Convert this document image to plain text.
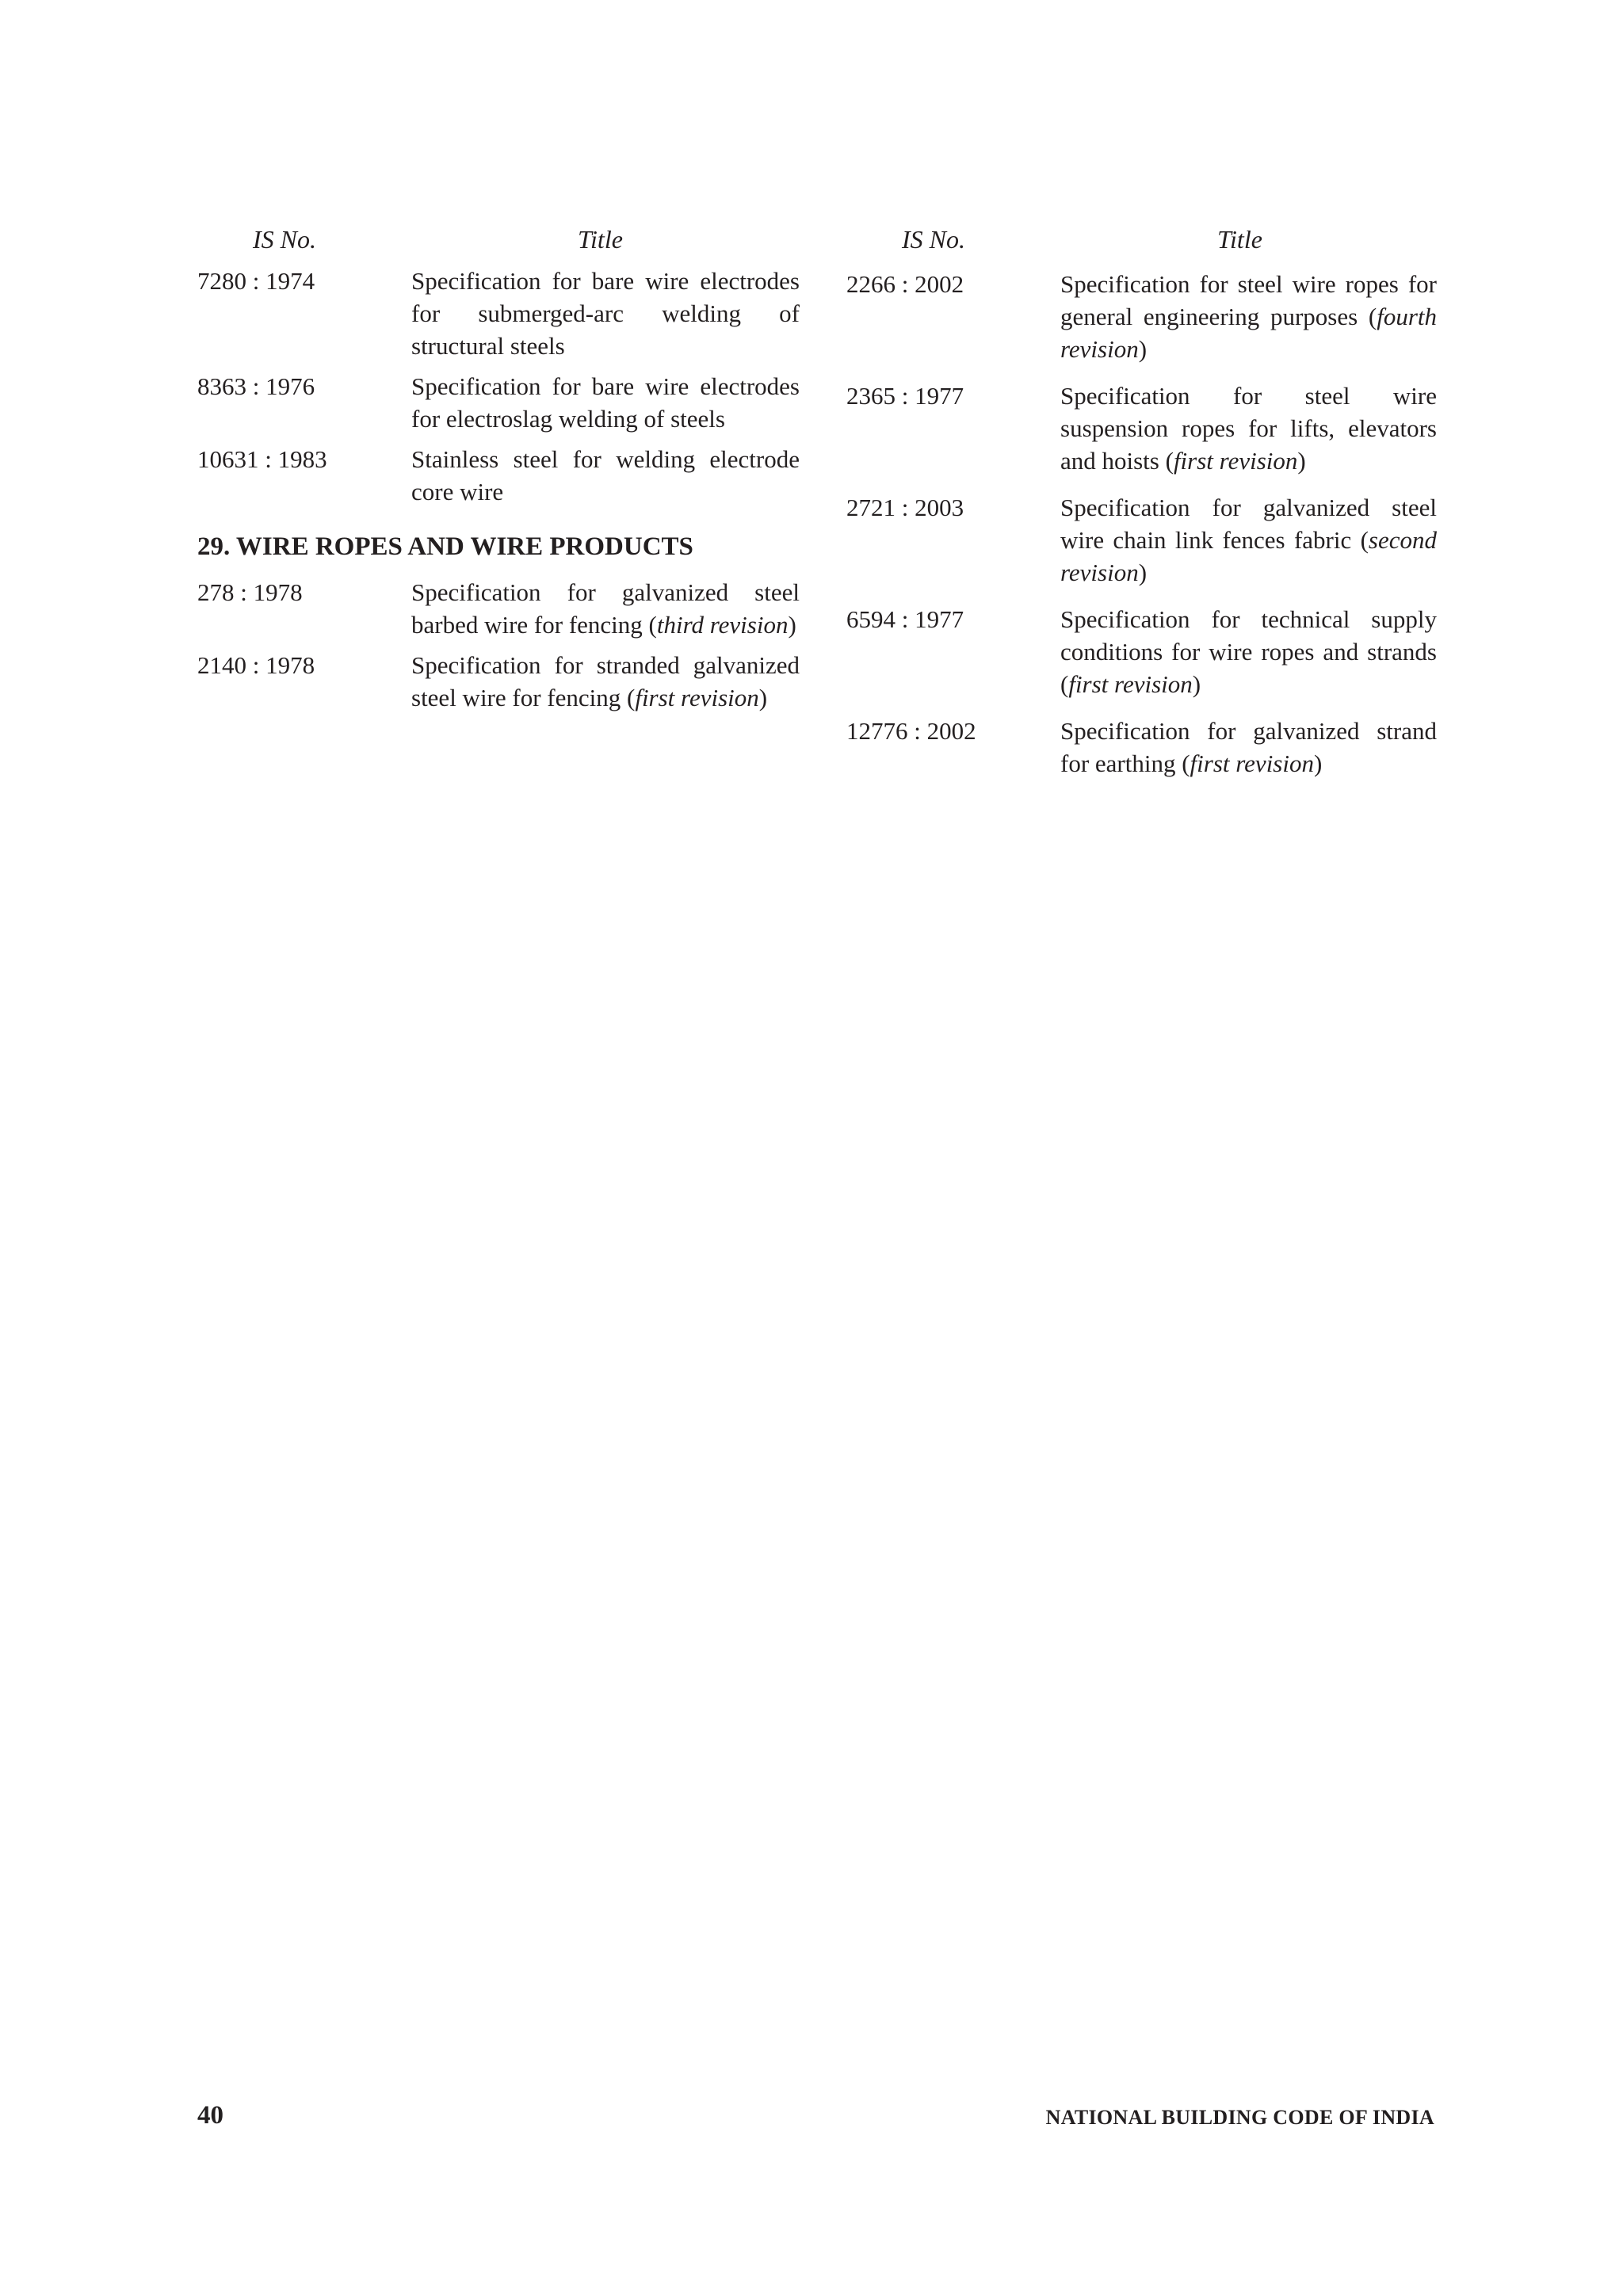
IS No.	Title
7280 : 1974	Specification for bare wire electrodes for submerged-arc welding of structural steels
8363 : 1976	Specification for bare wire electrodes for electroslag welding of steels
10631 : 1983	Stainless steel for welding electrode core wire
29. WIRE ROPES AND WIRE PRODUCTS
278 : 1978	Specification for galvanized steel barbed wire for fencing (third revision)
2140 : 1978	Specification for stranded galvanized steel wire for fencing (first revision)
IS No.	Title
2266 : 2002	Specification for steel wire ropes for general engineering purposes (fourth revision)
2365 : 1977	Specification for steel wire suspension ropes for lifts, elevators and hoists (first revision)
2721 : 2003	Specification for galvanized steel wire chain link fences fabric (second revision)
6594 : 1977	Specification for technical supply conditions for wire ropes and strands (first revision)
12776 : 2002	Specification for galvanized strand for earthing (first revision)
40	NATIONAL BUILDING CODE OF INDIA
